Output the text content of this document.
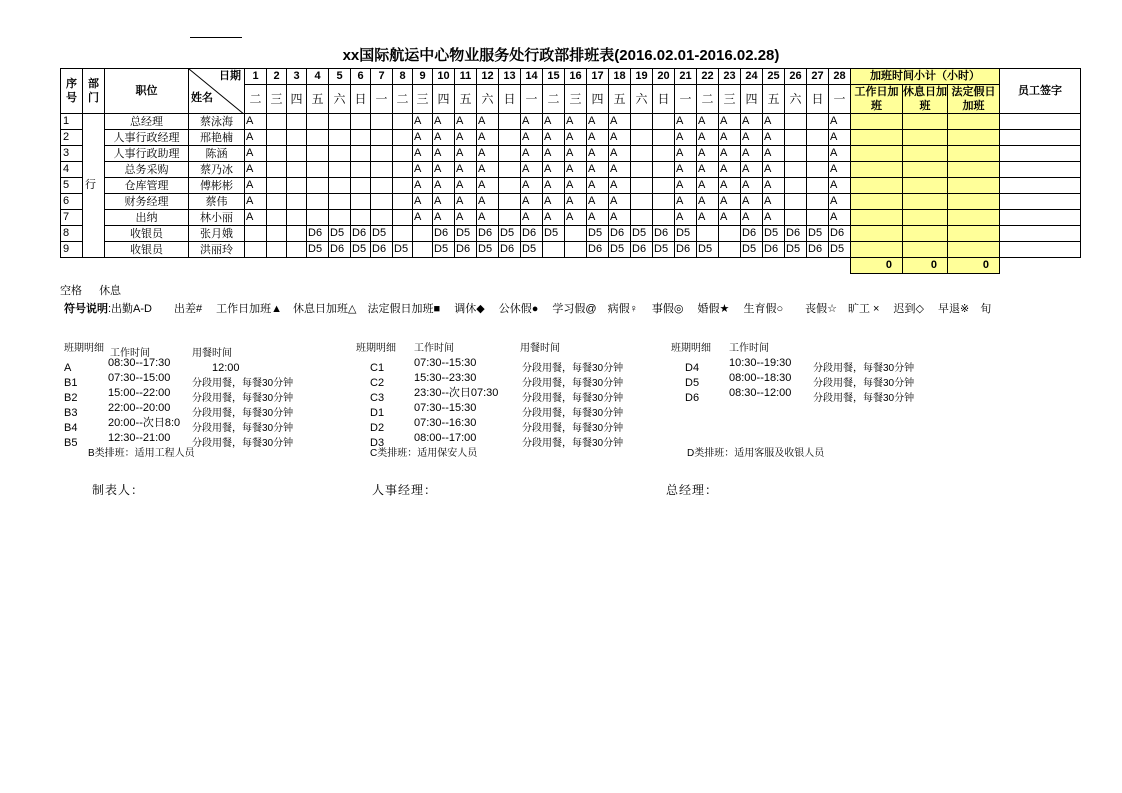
xx国际航运中心物业服务处行政部排班表(2016.02.01-2016.02.28)
序号	部门	职位	日期
姓名	1	2	3	4	5	6	7	8	9	10	11	12	13	14	15	16	17	18	19	20	21	22	23	24	25	26	27	28	加班时间小计（小时）			员工签字
				二	三	四	五	六	日	一	二	三	四	五	六	日	一	二	三	四	五	六	日	一	二	三	四	五	六	日	一	工作日加班	休息日加班	法定假日加班	
1	行	总经理	蔡泳海	A								A	A	A	A		A	A	A	A	A			A	A	A	A	A			A				
2		人事行政经理	邢艳楠	A								A	A	A	A		A	A	A	A	A			A	A	A	A	A			A				
3		人事行政助理	陈涵	A								A	A	A	A		A	A	A	A	A			A	A	A	A	A			A				
4		总务采购	蔡乃冰	A								A	A	A	A		A	A	A	A	A			A	A	A	A	A			A				
5		仓库管理	傅彬彬	A								A	A	A	A		A	A	A	A	A			A	A	A	A	A			A				
6		财务经理	蔡伟	A								A	A	A	A		A	A	A	A	A			A	A	A	A	A			A				
7		出纳	林小丽	A								A	A	A	A		A	A	A	A	A			A	A	A	A	A			A				
8		收银员	张月娥				D6	D5	D6	D5			D6	D5	D6	D5	D6	D5		D5	D6	D5	D6	D5			D6	D5	D6	D5	D6				
9		收银员	洪丽玲				D5	D6	D5	D6	D5		D5	D6	D5	D6	D5			D6	D5	D6	D5	D6	D5		D5	D6	D5	D6	D5				
																																0	0	0	
空格 休息
符号说明:出勤A-D　　出差#　 工作日加班▲　休息日加班△　法定假日加班■　 调休◆　 公休假●　 学习假@　病假♀　 事假◎　 婚假★　 生育假○　　丧假☆　旷工 ×　 迟到◇　 早退※　旬
班期明细 工作时间	用餐时间
A	08:30--17:30	12:00
B1	07:30--15:00 分段用餐，每餐30分钟
B2	15:00--22:00 分段用餐，每餐30分钟
B3	22:00--20:00 分段用餐，每餐30分钟
B4	20:00--次日8:0 分段用餐，每餐30分钟
B5	12:30--21:00 分段用餐，每餐30分钟
B类排班：适用工程人员
班期明细 工作时间	用餐时间
C1	07:30--15:30	分段用餐，每餐30分钟
C2	15:30--23:30	分段用餐，每餐30分钟
C3	23:30--次日07:30 分段用餐，每餐30分钟
D1	07:30--15:30	分段用餐，每餐30分钟
D2	07:30--16:30	分段用餐，每餐30分钟
D3	08:00--17:00	分段用餐，每餐30分钟
C类排班：适用保安人员
班期明细 工作时间
D4	10:30--19:30 分段用餐，每餐30分钟
D5	08:00--18:30 分段用餐，每餐30分钟
D6	08:30--12:00 分段用餐，每餐30分钟
D类排班：适用客服及收银人员
制表人：	人事经理：	总经理：
